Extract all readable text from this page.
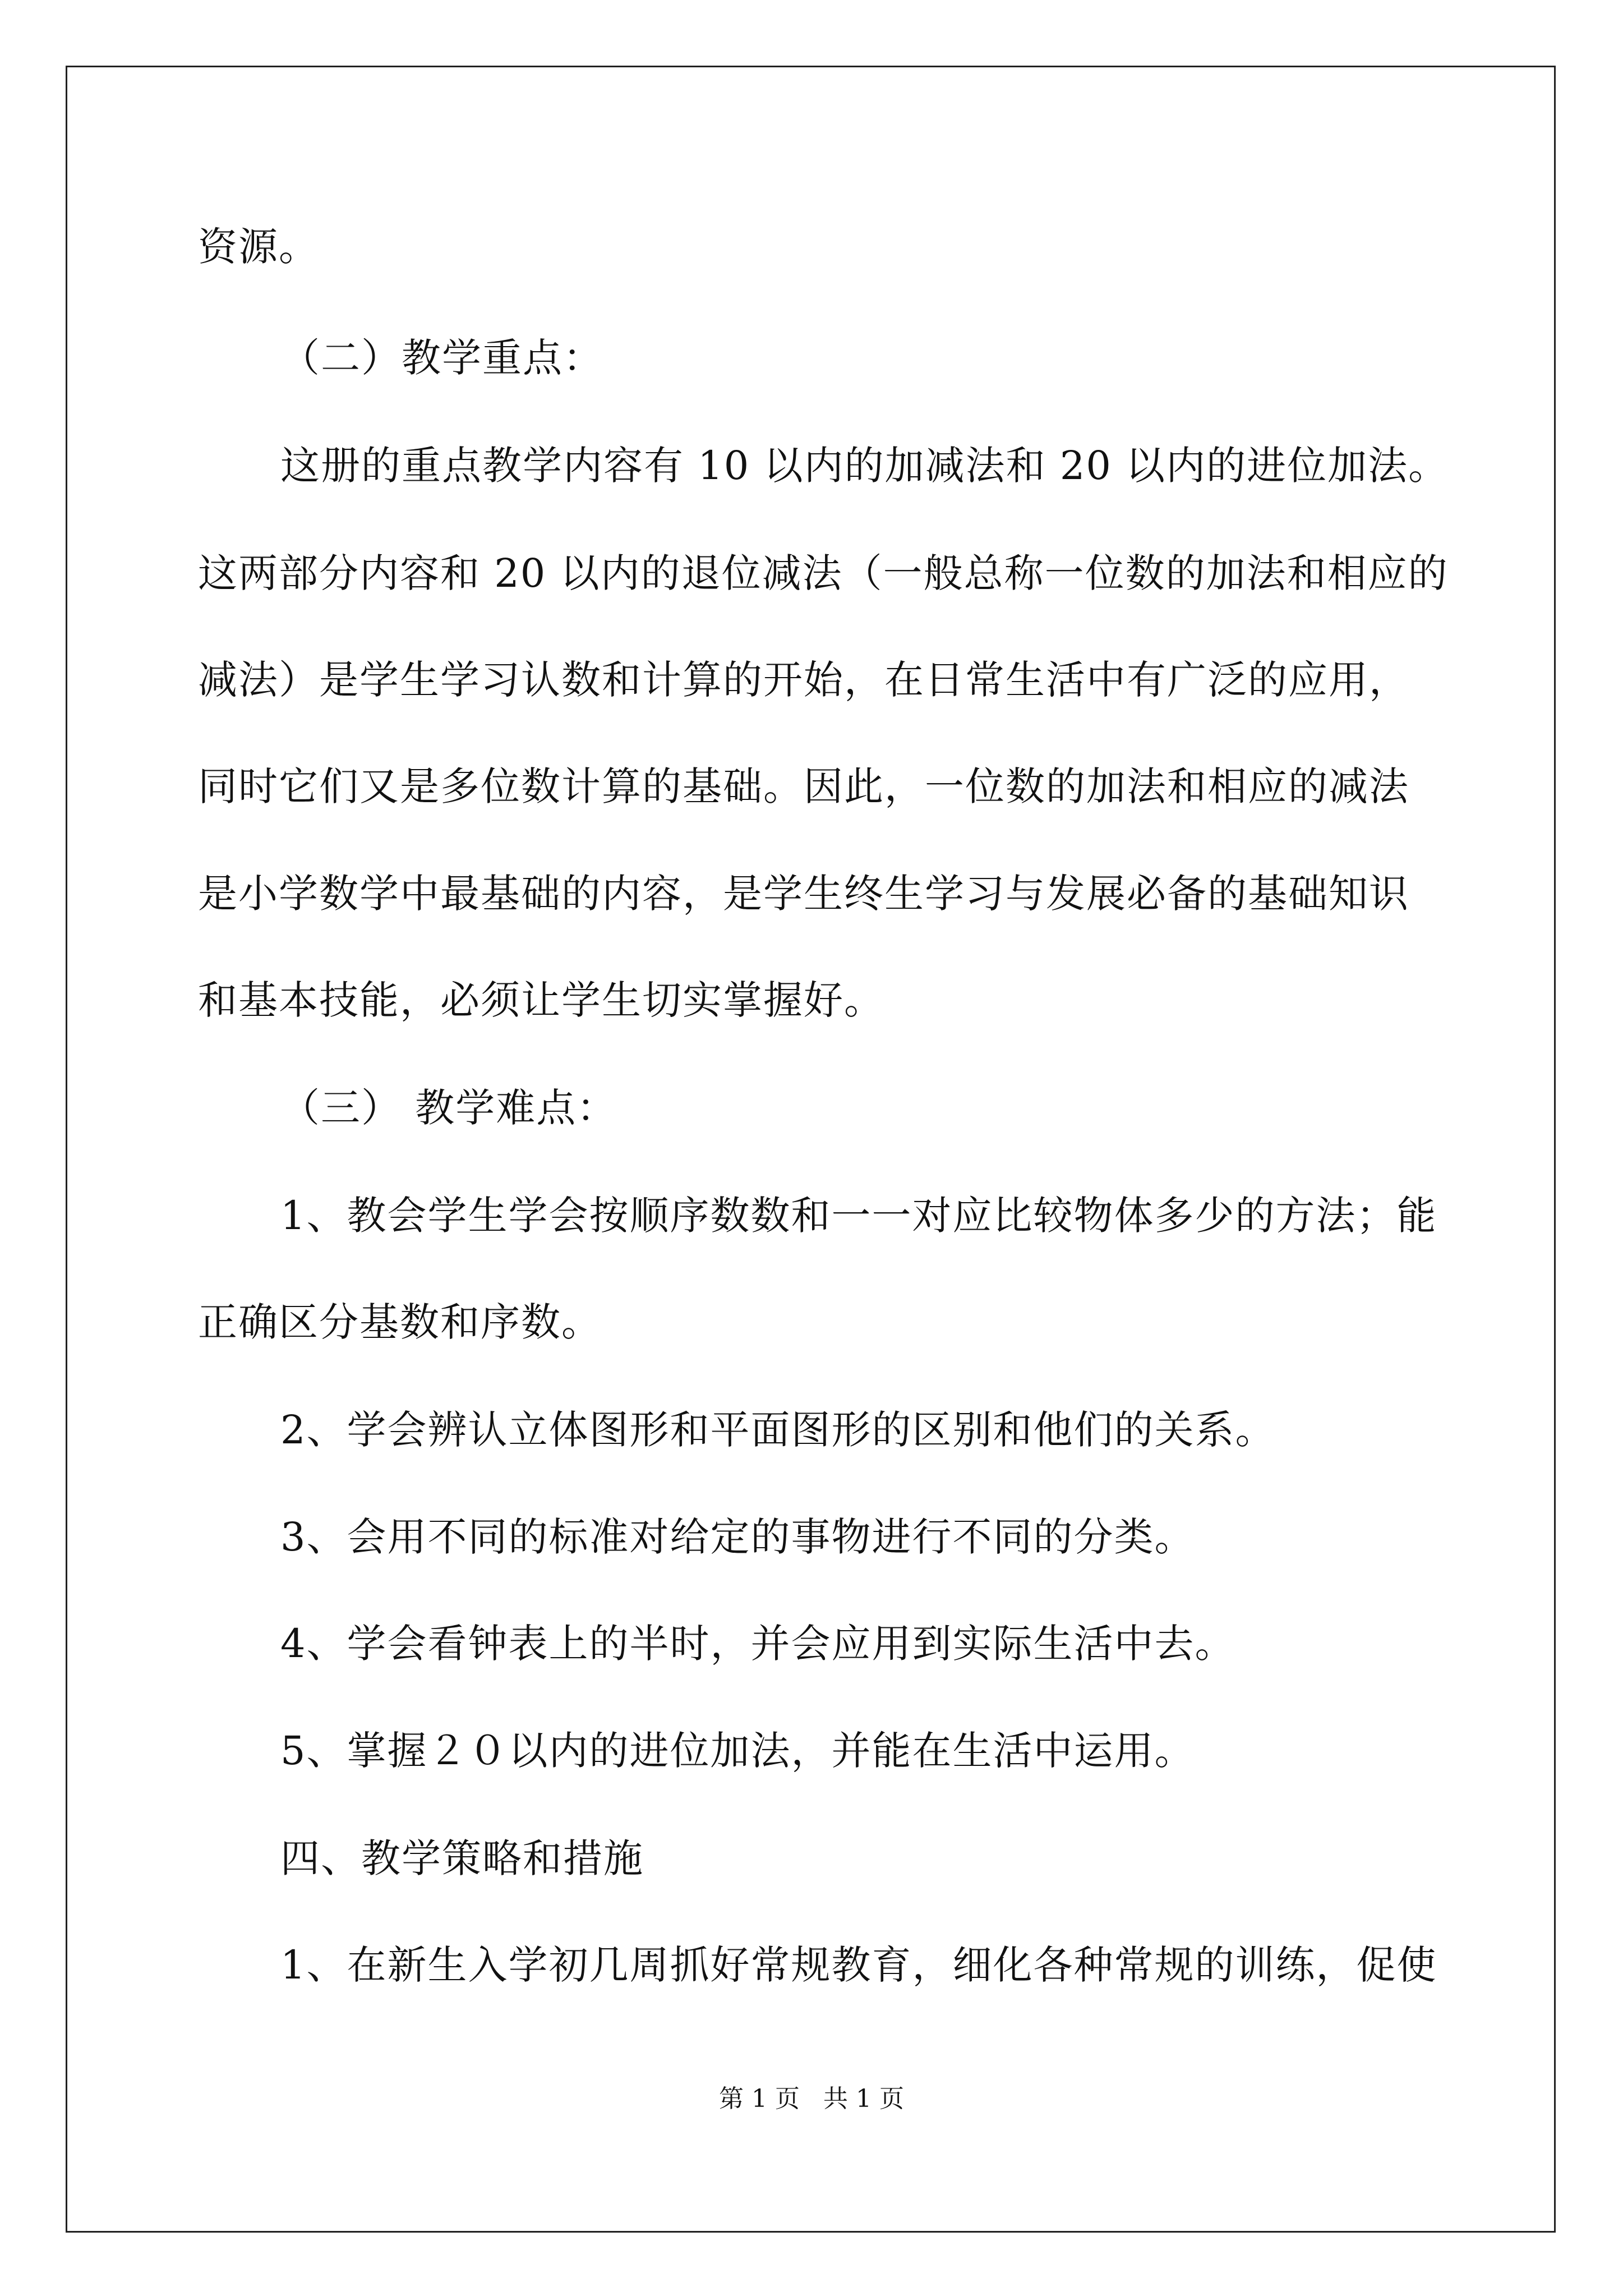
资源。
（二）教学重点：
这册的重点教学内容有 10 以内的加减法和 20 以内的进位加法。
这两部分内容和 20 以内的退位减法（一般总称一位数的加法和相应的
减法）是学生学习认数和计算的开始，在日常生活中有广泛的应用，
同时它们又是多位数计算的基础。因此，一位数的加法和相应的减法
是小学数学中最基础的内容，是学生终生学习与发展必备的基础知识
和基本技能，必须让学生切实掌握好。
（三） 教学难点：
1、教会学生学会按顺序数数和一一对应比较物体多少的方法；能
正确区分基数和序数。
2、学会辨认立体图形和平面图形的区别和他们的关系。
3、会用不同的标准对给定的事物进行不同的分类。
4、学会看钟表上的半时，并会应用到实际生活中去。
5、掌握２０以内的进位加法，并能在生活中运用。
四、教学策略和措施
1、在新生入学初几周抓好常规教育，细化各种常规的训练，促使
第 1 页   共 1 页
